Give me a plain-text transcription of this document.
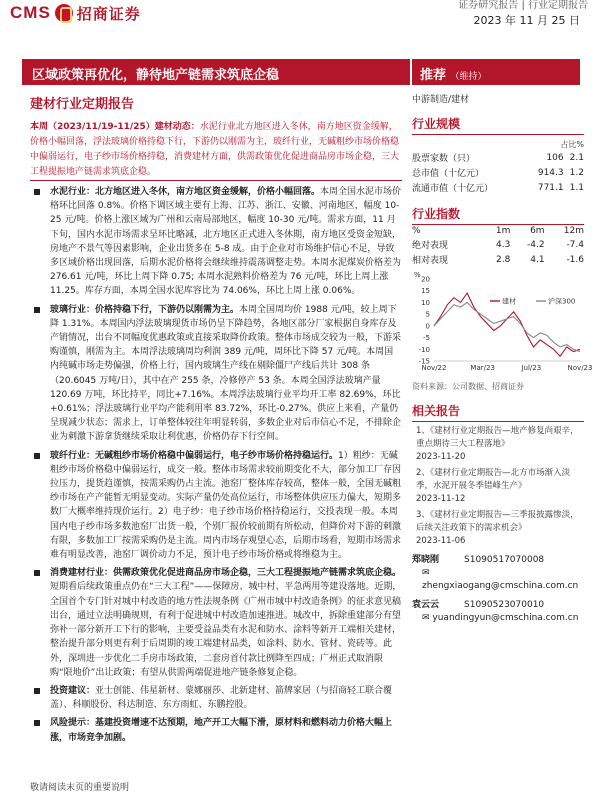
CMS 招商证券	证券研究报告 | 行业定期报告
2023 年 11 月 25 日
区域政策再优化，静待地产链需求筑底企稳	推荐 （维持）
建材行业定期报告
本周（2023/11/19-11/25）建材动态：水泥行业北方地区进入冬休，南方地区资金缓解，价格小幅回落，浮法玻璃价格持稳下行，下游仍以刚需为主，玻纤行业，无碱粗纱市场价格稳中偏弱运行，电子纱市场价格持稳，消费建材方面，供需政策优化促进商品房市场企稳，三大工程提振地产链需求筑底企稳。
水泥行业：北方地区进入冬休，南方地区资金缓解，价格小幅回落。本周全国水泥市场价格环比回落 0.8%。价格下调区域主要有上海、江苏、浙江、安徽、河南地区，幅度 10-25 元/吨。价格上涨区域为广州和云南局部地区，幅度 10-30 元/吨。需求方面，11 月下旬，国内水泥市场需求呈环比略减，北方地区正式进入冬休期，南方地区受资金短缺，房地产不景气等因素影响，企业出货多在 5-8 成。由于企业对市场维护信心不足，导致多区域价格出现回落，后期水泥价格将会继续维持震荡调整走势。本周水泥煤炭价格差为 276.61 元/吨，环比上周下降 0.75; 本周水泥熟料价格差为 76 元/吨，环比上周上涨 11.25。库存方面，本周全国水泥库容比为 74.06%，环比上周上涨 0.06%。
玻璃行业：价格持稳下行，下游仍以刚需为主。本周全国周均价 1988 元/吨，较上周下降 1.31%。本周国内浮法玻璃现货市场仍呈下降趋势，各地区部分厂家根据自身库存及产销情况，出台不同幅度优惠政策或直接采取降价政策。整体市场成交较为一般，下游采购谨慎，刚需为主。本周浮法玻璃周均利润 389 元/吨，周环比下降 57 元/吨。本周国内纯碱市场走势偏强，价格上行，国内玻璃生产线在剔除僵尸产线后共计 308 条（20.6045 万吨/日），其中在产 255 条，冷修停产 53 条。本周全国浮法玻璃产量 120.69 万吨，环比持平，同比+7.16%。本周浮法玻璃行业平均开工率 82.69%，环比+0.61%；浮法玻璃行业平均产能利用率 83.72%，环比-0.27%。供应上来看，产量仍呈现减少状态；需求上，订单整体较往年明显转弱，多数企业对后市信心不足，不排除企业为刺激下游拿货继续采取让利优惠，价格仍存下行空间。
玻纤行业：无碱粗纱市场价格稳中偏弱运行，电子纱市场价格持稳运行。1）粗纱：无碱粗纱市场价格稳中偏弱运行，成交一般。整体市场需求较前期变化不大，部分加工厂存因拉压力，提货趋谨慎，按需采购仍占主流。池窑厂整体库存较高，整体一般，全国无碱粗纱市场在产产能暂无明显变动。实际产量仍处高位运行，市场整体供应压力偏大，短期多数厂大概率维持现价运行。2）电子纱：电子纱市场价格持稳运行，交投表现一般。本周国内电子纱市场多数池窑厂出货一般，个别厂报价较前期有所松动，但降价对下游的刺激有限，多数加工厂按需采购仍是主流。周内市场存观望心态，后期市场看，短期市场需求难有明显改善，池窑厂调价动力不足，预计电子纱市场价格或将维稳为主。
消费建材行业：供需政策优化促进商品房市场企稳，三大工程提振地产链需求筑底企稳。短期看后续政策重点仍在“三大工程”——保障房、城中村、平急两用等建设落地。近期，全国首个专门针对城中村改造的地方性法规条例《广州市城中村改造条例》的征求意见稿出台，通过立法明确规则，有利于促进城中村改造加速推进。城改中，拆除重建部分有望弥补一部分新开工下行的影响，主要受益品类有水泥和防水、涂料等新开工端相关建材，整治提升部分则更有利于后周期的竣工端建材品类，如涂料、防水、管材、瓷砖等。此外，深圳进一步优化二手房市场政策，二套房首付款比例降至四成；广州正式取消限购“限地价”出让政策；有望从供需两端促进地产链条修复企稳。
投资建议：亚士创能、伟星新材、蒙娜丽莎、北新建材、箭牌家居（与招商轻工联合覆盖）、科顺股份、科达制造、东方雨虹、东鹏控股。
风险提示：基建投资增速不达预期，地产开工大幅下滑，原材料和燃料动力价格大幅上涨，市场竞争加剧。
中游制造/建材
行业规模
占比%
股票家数（只）	106	2.1
总市值（十亿元）	914.3	1.2
流通市值（十亿元）	771.1	1.1
行业指数
%	1m	6m	12m
绝对表现	4.3	-4.2	-7.4
相对表现	2.8	4.1	-1.6
%
20
15
10
5
0
-5
-10
-15
Nov/22	Mar/23	Jul/23	Nov/23
建材	沪深300
资料来源：公司数据、招商证券
相关报告
1、《建材行业定期报告—地产修复尚艰辛，重点期待三大工程落地》
2023-11-20
2、《建材行业定期报告—北方市场渐入淡季，水泥开展冬季错峰生产》
2023-11-12
3、《建材行业定期报告—三季报披露惨淡，后续关注政策下的需求机会》
2023-11-06
郑晓刚	S1090517070008
✉ zhengxiaogang@cmschina.com.cn
袁云云	S1090523070010
✉ yuandingyun@cmschina.com.cn
敬请阅读末页的重要说明
